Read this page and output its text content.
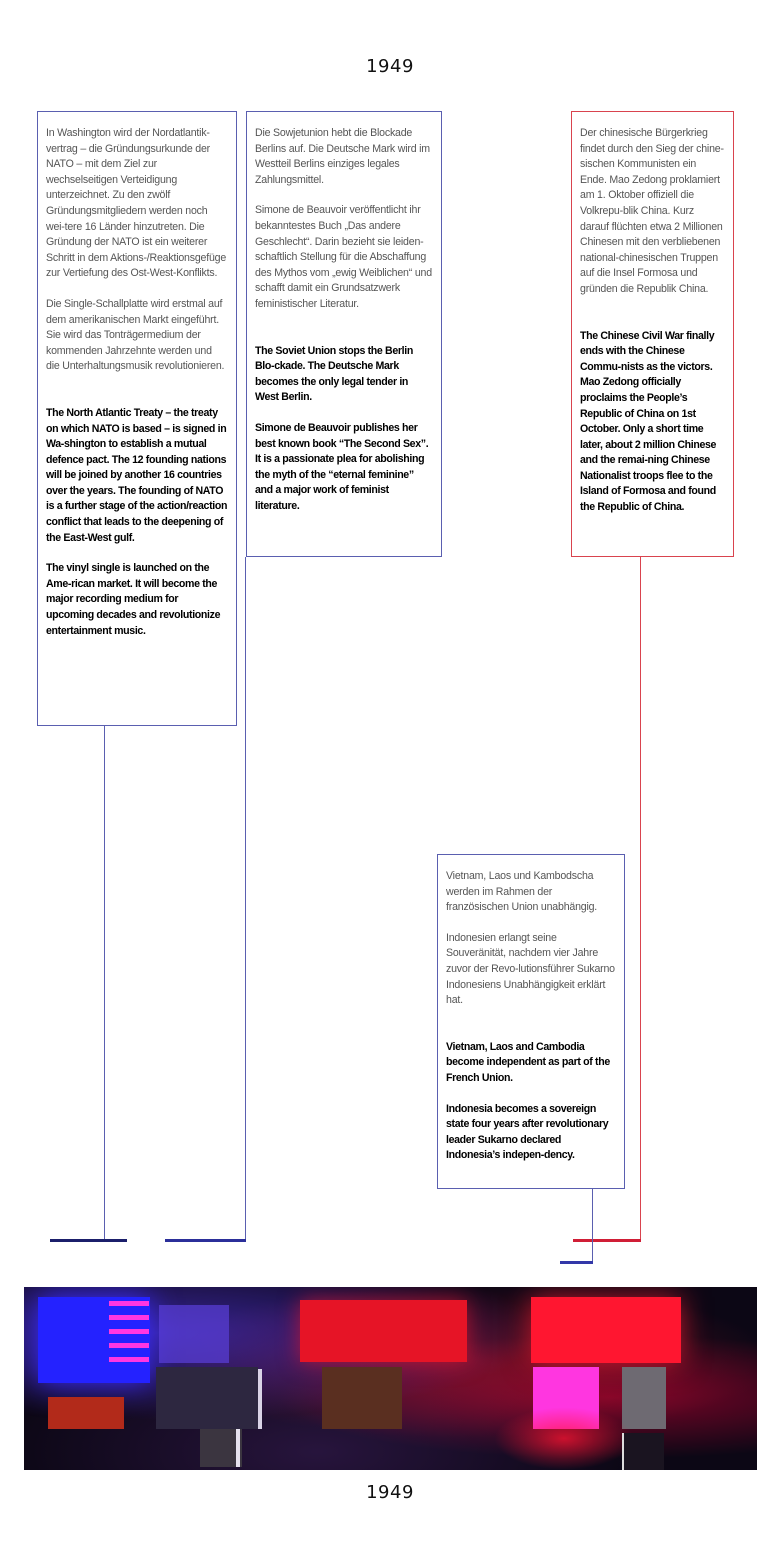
1949
In Washington wird der Nordatlantik-vertrag – die Gründungsurkunde der NATO – mit dem Ziel zur wechselseitigen Verteidigung unterzeichnet. Zu den zwölf Gründungsmitgliedern werden noch wei-tere 16 Länder hinzutreten. Die Gründung der NATO ist ein weiterer Schritt in dem Aktions-/Reaktionsgefüge zur Vertiefung des Ost-West-Konflikts.
Die Single-Schallplatte wird erstmal auf dem amerikanischen Markt eingeführt. Sie wird das Tonträgermedium der kommenden Jahrzehnte werden und die Unterhaltungsmusik revolutionieren.
The North Atlantic Treaty – the treaty on which NATO is based – is signed in Wa-shington to establish a mutual defence pact. The 12 founding nations will be joined by another 16 countries over the years. The founding of NATO is a further stage of the action/reaction conflict that leads to the deepening of the East-West gulf.
The vinyl single is launched on the Ame-rican market. It will become the major recording medium for upcoming decades and revolutionize entertainment music.
Die Sowjetunion hebt die Blockade Berlins auf. Die Deutsche Mark wird im Westteil Berlins einziges legales Zahlungsmittel.
Simone de Beauvoir veröffentlicht ihr bekanntestes Buch „Das andere Geschlecht“. Darin bezieht sie leiden-schaftlich Stellung für die Abschaffung des Mythos vom „ewig Weiblichen“ und schafft damit ein Grundsatzwerk feministischer Literatur.
The Soviet Union stops the Berlin Blo-ckade. The Deutsche Mark becomes the only legal tender in West Berlin.
Simone de Beauvoir publishes her best known book “The Second Sex”. It is a passionate plea for abolishing the myth of the “eternal feminine” and a major work of feminist literature.
Der chinesische Bürgerkrieg findet durch den Sieg der chine-sischen Kommunisten ein Ende. Mao Zedong proklamiert am 1. Oktober offiziell die Volkrepu-blik China. Kurz darauf flüchten etwa 2 Millionen Chinesen mit den verbliebenen national-chinesischen Truppen auf die Insel Formosa und gründen die Republik China.
The Chinese Civil War finally ends with the Chinese Commu-nists as the victors. Mao Zedong officially proclaims the People’s Republic of China on 1st October. Only a short time later, about 2 million Chinese and the remai-ning Chinese Nationalist troops flee to the Island of Formosa and found the Republic of China.
Vietnam, Laos und Kambodscha werden im Rahmen der französischen Union unabhängig.
Indonesien erlangt seine Souveränität, nachdem vier Jahre zuvor der Revo-lutionsführer Sukarno Indonesiens Unabhängigkeit erklärt hat.
Vietnam, Laos and Cambodia become independent as part of the French Union.
Indonesia becomes a sovereign state four years after revolutionary leader Sukarno declared Indonesia’s indepen-dency.
1949
